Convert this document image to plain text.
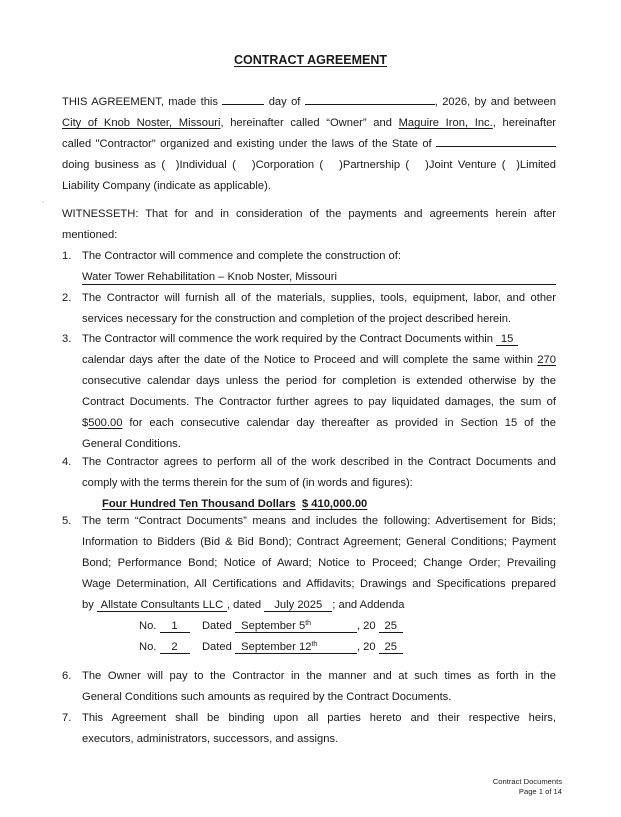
CONTRACT AGREEMENT
THIS AGREEMENT, made this	day of	, 2026, by and between
City of Knob Noster, Missouri, hereinafter called “Owner” and Maguire Iron, Inc., hereinafter
called "Contractor" organized and existing under the laws of the State of
doing business as (  )Individual (   )Corporation (   )Partnership (   )Joint Venture (  )Limited
Liability Company (indicate as applicable).
WITNESSETH: That for and in consideration of the payments and agreements herein after
mentioned:
1. The Contractor will commence and complete the construction of:
Water Tower Rehabilitation – Knob Noster, Missouri
2. The Contractor will furnish all of the materials, supplies, tools, equipment, labor, and other
services necessary for the construction and completion of the project described herein.
3. The Contractor will commence the work required by the Contract Documents within 15
calendar days after the date of the Notice to Proceed and will complete the same within 270
consecutive calendar days unless the period for completion is extended otherwise by the
Contract Documents. The Contractor further agrees to pay liquidated damages, the sum of
$500.00 for each consecutive calendar day thereafter as provided in Section 15 of the
General Conditions.
4. The Contractor agrees to perform all of the work described in the Contract Documents and
comply with the terms therein for the sum of (in words and figures):
Four Hundred Ten Thousand Dollars $ 410,000.00
5. The term “Contract Documents” means and includes the following: Advertisement for Bids;
Information to Bidders (Bid & Bid Bond); Contract Agreement; General Conditions; Payment
Bond; Performance Bond; Notice of Award; Notice to Proceed; Change Order; Prevailing
Wage Determination, All Certifications and Affidavits; Drawings and Specifications prepared
by Allstate Consultants LLC , dated July 2025 ; and Addenda
No. 1 Dated September 5th	, 20 25
No. 2 Dated September 12th	, 20 25
6. The Owner will pay to the Contractor in the manner and at such times as forth in the
General Conditions such amounts as required by the Contract Documents.
7. This Agreement shall be binding upon all parties hereto and their respective heirs,
executors, administrators, successors, and assigns.
Contract Documents
Page 1 of 14
